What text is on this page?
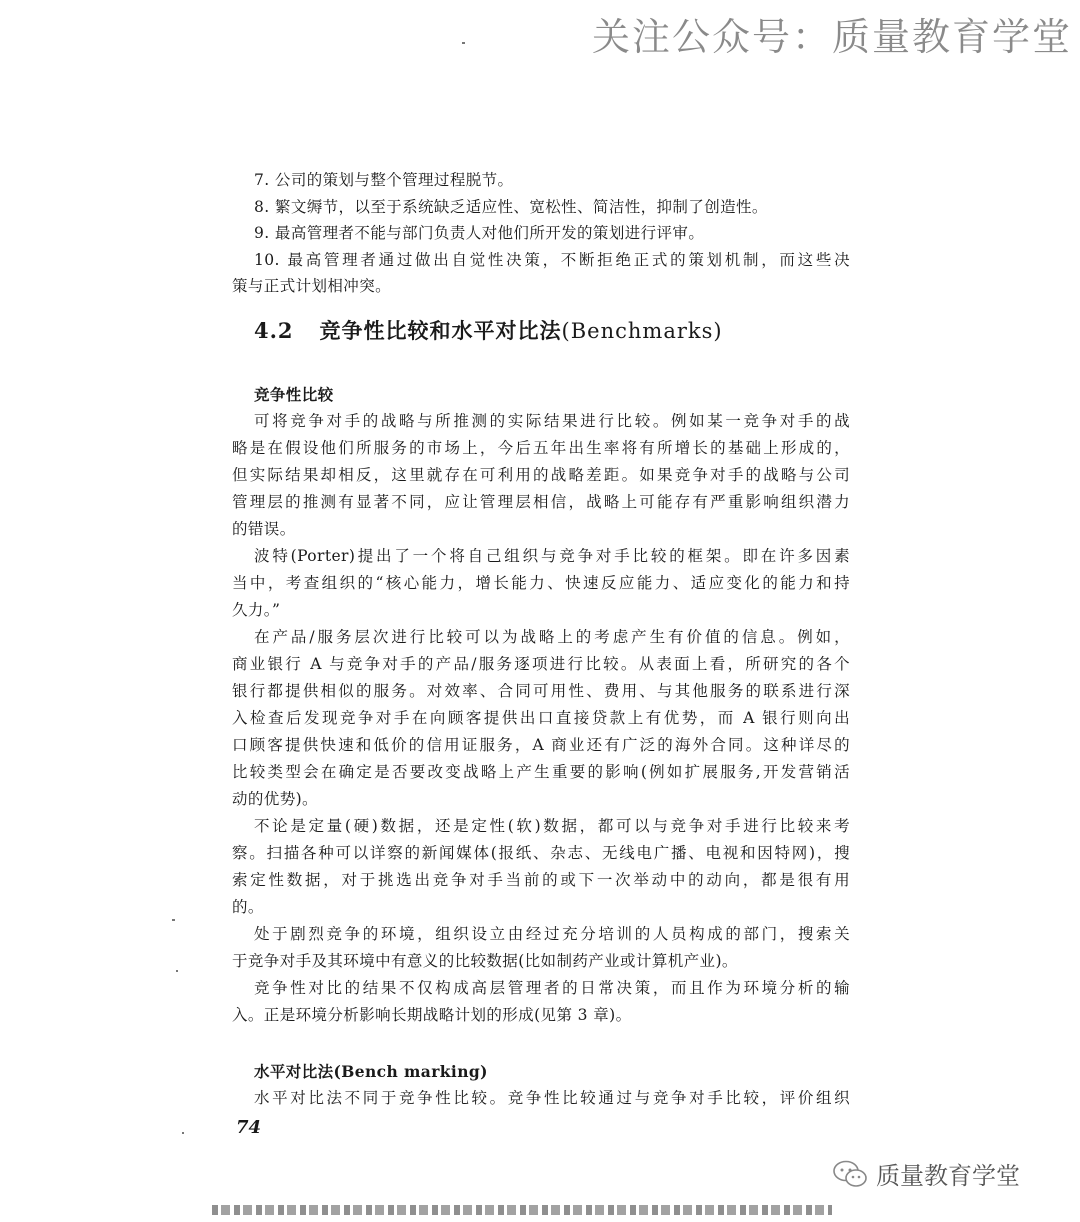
关注公众号：质量教育学堂
7. 公司的策划与整个管理过程脱节。
8. 繁文缛节，以至于系统缺乏适应性、宽松性、简洁性，抑制了创造性。
9. 最高管理者不能与部门负责人对他们所开发的策划进行评审。
10. 最高管理者通过做出自觉性决策，不断拒绝正式的策划机制，而这些决
策与正式计划相冲突。
4.2 竞争性比较和水平对比法(Benchmarks)
竞争性比较
可将竞争对手的战略与所推测的实际结果进行比较。例如某一竞争对手的战
略是在假设他们所服务的市场上，今后五年出生率将有所增长的基础上形成的，
但实际结果却相反，这里就存在可利用的战略差距。如果竞争对手的战略与公司
管理层的推测有显著不同，应让管理层相信，战略上可能存有严重影响组织潜力
的错误。
波特(Porter)提出了一个将自己组织与竞争对手比较的框架。即在许多因素
当中，考查组织的“核心能力，增长能力、快速反应能力、适应变化的能力和持
久力。”
在产品/服务层次进行比较可以为战略上的考虑产生有价值的信息。例如，
商业银行 A 与竞争对手的产品/服务逐项进行比较。从表面上看，所研究的各个
银行都提供相似的服务。对效率、合同可用性、费用、与其他服务的联系进行深
入检查后发现竞争对手在向顾客提供出口直接贷款上有优势，而 A 银行则向出
口顾客提供快速和低价的信用证服务，A 商业还有广泛的海外合同。这种详尽的
比较类型会在确定是否要改变战略上产生重要的影响(例如扩展服务,开发营销活
动的优势)。
不论是定量(硬)数据，还是定性(软)数据，都可以与竞争对手进行比较来考
察。扫描各种可以详察的新闻媒体(报纸、杂志、无线电广播、电视和因特网)，搜
索定性数据，对于挑选出竞争对手当前的或下一次举动中的动向，都是很有用
的。
处于剧烈竞争的环境，组织设立由经过充分培训的人员构成的部门，搜索关
于竞争对手及其环境中有意义的比较数据(比如制药产业或计算机产业)。
竞争性对比的结果不仅构成高层管理者的日常决策，而且作为环境分析的输
入。正是环境分析影响长期战略计划的形成(见第 3 章)。
水平对比法(Bench marking)
水平对比法不同于竞争性比较。竞争性比较通过与竞争对手比较，评价组织
74
质量教育学堂
